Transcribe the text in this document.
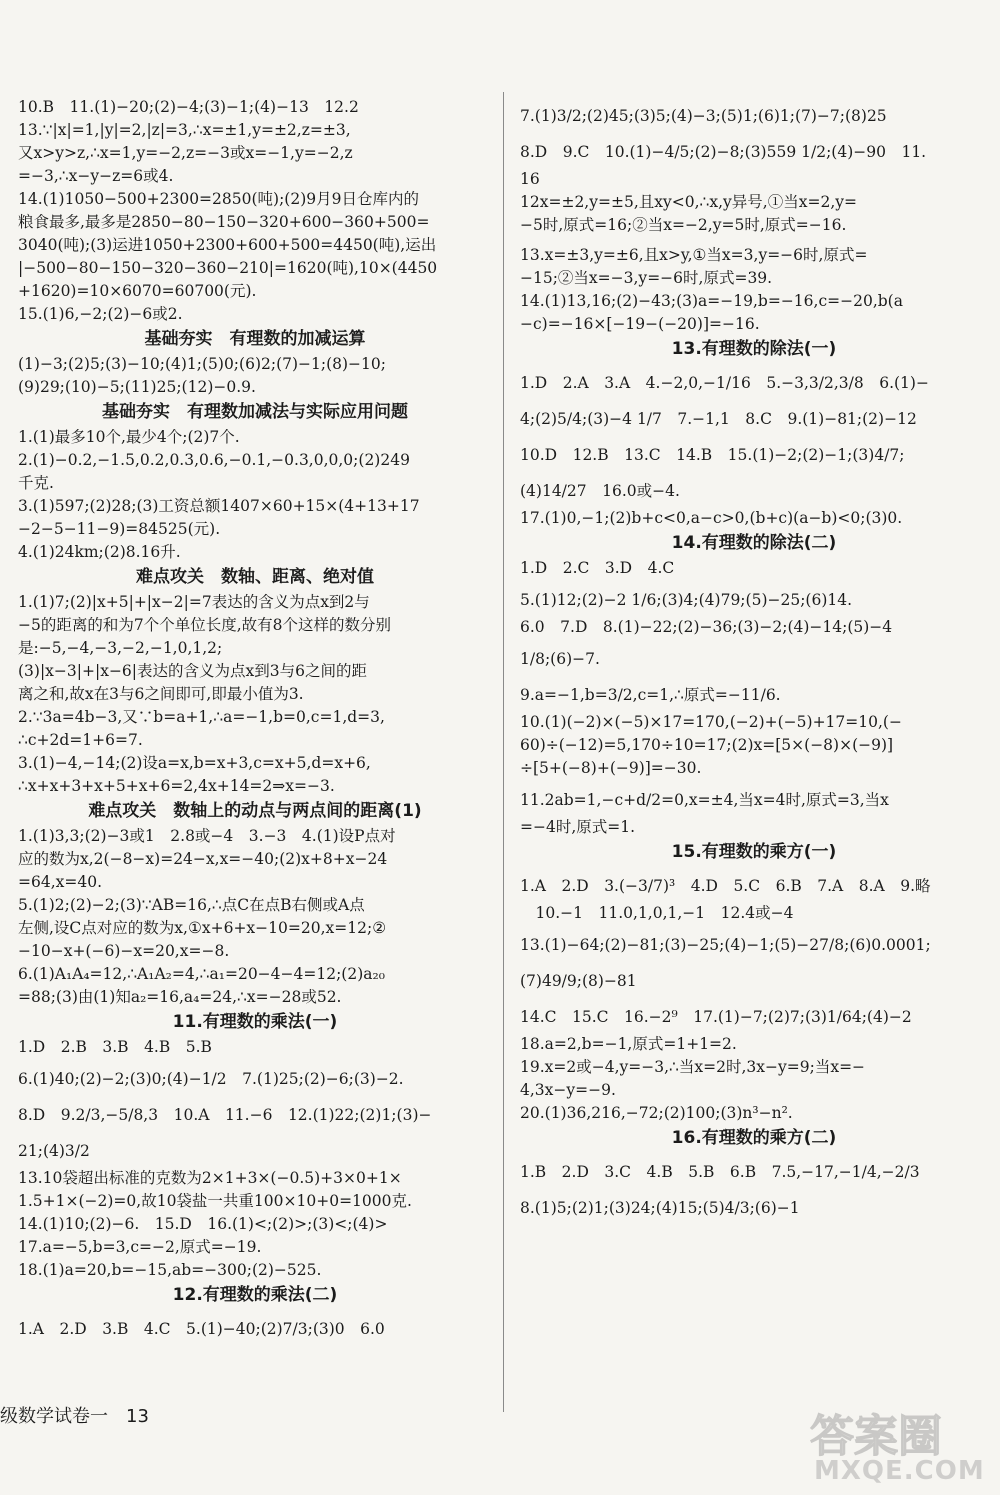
10.B　11.(1)−20;(2)−4;(3)−1;(4)−13　12.2
13.∵|x|=1,|y|=2,|z|=3,∴x=±1,y=±2,z=±3,
又x>y>z,∴x=1,y=−2,z=−3或x=−1,y=−2,z
=−3,∴x−y−z=6或4.
14.(1)1050−500+2300=2850(吨);(2)9月9日仓库内的
粮食最多,最多是2850−80−150−320+600−360+500=
3040(吨);(3)运进1050+2300+600+500=4450(吨),运出
|−500−80−150−320−360−210|=1620(吨),10×(4450
+1620)=10×6070=60700(元).
15.(1)6,−2;(2)−6或2.
基础夯实　有理数的加减运算
(1)−3;(2)5;(3)−10;(4)1;(5)0;(6)2;(7)−1;(8)−10;
(9)29;(10)−5;(11)25;(12)−0.9.
基础夯实　有理数加减法与实际应用问题
1.(1)最多10个,最少4个;(2)7个.
2.(1)−0.2,−1.5,0.2,0.3,0.6,−0.1,−0.3,0,0,0;(2)249
千克.
3.(1)597;(2)28;(3)工资总额1407×60+15×(4+13+17
−2−5−11−9)=84525(元).
4.(1)24km;(2)8.16升.
难点攻关　数轴、距离、绝对值
1.(1)7;(2)|x+5|+|x−2|=7表达的含义为点x到2与
−5的距离的和为7个个单位长度,故有8个这样的数分别
是:−5,−4,−3,−2,−1,0,1,2;
(3)|x−3|+|x−6|表达的含义为点x到3与6之间的距
离之和,故x在3与6之间即可,即最小值为3.
2.∵3a=4b−3,又∵b=a+1,∴a=−1,b=0,c=1,d=3,
∴c+2d=1+6=7.
3.(1)−4,−14;(2)设a=x,b=x+3,c=x+5,d=x+6,
∴x+x+3+x+5+x+6=2,4x+14=2⇒x=−3.
难点攻关　数轴上的动点与两点间的距离(1)
1.(1)3,3;(2)−3或1　2.8或−4　3.−3　4.(1)设P点对
应的数为x,2(−8−x)=24−x,x=−40;(2)x+8+x−24
=64,x=40.
5.(1)2;(2)−2;(3)∵AB=16,∴点C在点B右侧或A点
左侧,设C点对应的数为x,①x+6+x−10=20,x=12;②
−10−x+(−6)−x=20,x=−8.
6.(1)A₁A₄=12,∴A₁A₂=4,∴a₁=20−4−4=12;(2)a₂₀
=88;(3)由(1)知a₂=16,a₄=24,∴x=−28或52.
11.有理数的乘法(一)
1.D　2.B　3.B　4.B　5.B
6.(1)40;(2)−2;(3)0;(4)−1/2　7.(1)25;(2)−6;(3)−2.
8.D　9.2/3,−5/8,3　10.A　11.−6　12.(1)22;(2)1;(3)−
21;(4)3/2
13.10袋超出标准的克数为2×1+3×(−0.5)+3×0+1×
1.5+1×(−2)=0,故10袋盐一共重100×10+0=1000克.
14.(1)10;(2)−6.　15.D　16.(1)<;(2)>;(3)<;(4)>
17.a=−5,b=3,c=−2,原式=−19.
18.(1)a=20,b=−15,ab=−300;(2)−525.
12.有理数的乘法(二)
1.A　2.D　3.B　4.C　5.(1)−40;(2)7/3;(3)0　6.0
7.(1)3/2;(2)45;(3)5;(4)−3;(5)1;(6)1;(7)−7;(8)25
8.D　9.C　10.(1)−4/5;(2)−8;(3)559 1/2;(4)−90　11.
16
12x=±2,y=±5,且xy<0,∴x,y异号,①当x=2,y=
−5时,原式=16;②当x=−2,y=5时,原式=−16.
13.x=±3,y=±6,且x>y,①当x=3,y=−6时,原式=
−15;②当x=−3,y=−6时,原式=39.
14.(1)13,16;(2)−43;(3)a=−19,b=−16,c=−20,b(a
−c)=−16×[−19−(−20)]=−16.
13.有理数的除法(一)
1.D　2.A　3.A　4.−2,0,−1/16　5.−3,3/2,3/8　6.(1)−
4;(2)5/4;(3)−4 1/7　7.−1,1　8.C　9.(1)−81;(2)−12
10.D　12.B　13.C　14.B　15.(1)−2;(2)−1;(3)4/7;
(4)14/27　16.0或−4.
17.(1)0,−1;(2)b+c<0,a−c>0,(b+c)(a−b)<0;(3)0.
14.有理数的除法(二)
1.D　2.C　3.D　4.C
5.(1)12;(2)−2 1/6;(3)4;(4)79;(5)−25;(6)14.
6.0　7.D　8.(1)−22;(2)−36;(3)−2;(4)−14;(5)−4
1/8;(6)−7.
9.a=−1,b=3/2,c=1,∴原式=−11/6.
10.(1)(−2)×(−5)×17=170,(−2)+(−5)+17=10,(−
60)÷(−12)=5,170÷10=17;(2)x=[5×(−8)×(−9)]
÷[5+(−8)+(−9)]=−30.
11.2ab=1,−c+d/2=0,x=±4,当x=4时,原式=3,当x
=−4时,原式=1.
15.有理数的乘方(一)
1.A　2.D　3.(−3/7)³　4.D　5.C　6.B　7.A　8.A　9.略
　10.−1　11.0,1,0,1,−1　12.4或−4
13.(1)−64;(2)−81;(3)−25;(4)−1;(5)−27/8;(6)0.0001;
(7)49/9;(8)−81
14.C　15.C　16.−2⁹　17.(1)−7;(2)7;(3)1/64;(4)−2
18.a=2,b=−1,原式=1+1=2.
19.x=2或−4,y=−3,∴当x=2时,3x−y=9;当x=−
4,3x−y=−9.
20.(1)36,216,−72;(2)100;(3)n³−n².
16.有理数的乘方(二)
1.B　2.D　3.C　4.B　5.B　6.B　7.5,−17,−1/4,−2/3
8.(1)5;(2)1;(3)24;(4)15;(5)4/3;(6)−1
级数学试卷一　13	答案圈
MXQE.COM
